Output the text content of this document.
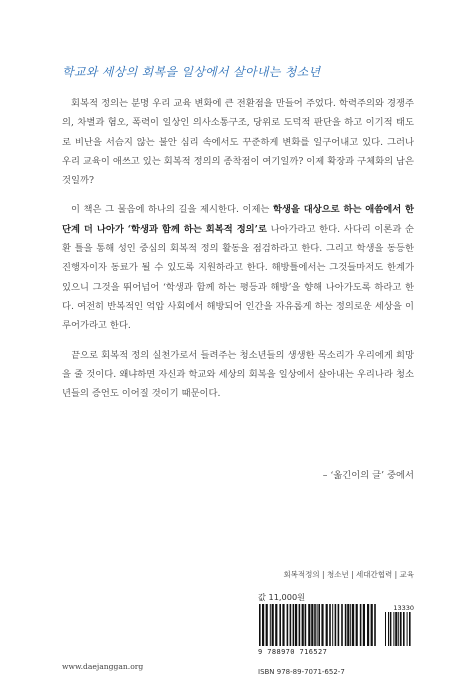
학교와 세상의 회복을 일상에서 살아내는 청소년

회복적 정의는 분명 우리 교육 변화에 큰 전환점을 만들어 주었다. 학력주의와 경쟁주의, 차별과 혐오, 폭력이 일상인 의사소통구조, 당위로 도덕적 판단을 하고 이기적 태도로 비난을 서슴지 않는 불안 심리 속에서도 꾸준하게 변화를 일구어내고 있다. 그러나 우리 교육이 애쓰고 있는 회복적 정의의 종착점이 여기일까? 이제 확장과 구체화의 남은 것일까?

이 책은 그 물음에 하나의 길을 제시한다. 이제는 학생을 대상으로 하는 애씀에서 한 단계 더 나아가 ‘학생과 함께 하는 회복적 정의’로 나아가라고 한다. 사다리 이론과 순환 틀을 통해 성인 중심의 회복적 정의 활동을 점검하라고 한다. 그리고 학생을 동등한 진행자이자 동료가 될 수 있도록 지원하라고 한다. 해방틀에서는 그것들마저도 한계가 있으니 그것을 뛰어넘어 ‘학생과 함께 하는 평등과 해방’을 향해 나아가도록 하라고 한다. 여전히 반복적인 억압 사회에서 해방되어 인간을 자유롭게 하는 정의로운 세상을 이루어가라고 한다.

끝으로 회복적 정의 실천가로서 들려주는 청소년들의 생생한 목소리가 우리에게 희망을 줄 것이다. 왜냐하면 자신과 학교와 세상의 회복을 일상에서 살아내는 우리나라 청소년들의 증언도 이어질 것이기 때문이다.

– ‘옮긴이의 글’ 중에서
회복적정의 | 청소년 | 세대간협력 | 교육
값 11,000원
13330
9 788970 716527
ISBN 978-89-7071-652-7
www.daejanggan.org
